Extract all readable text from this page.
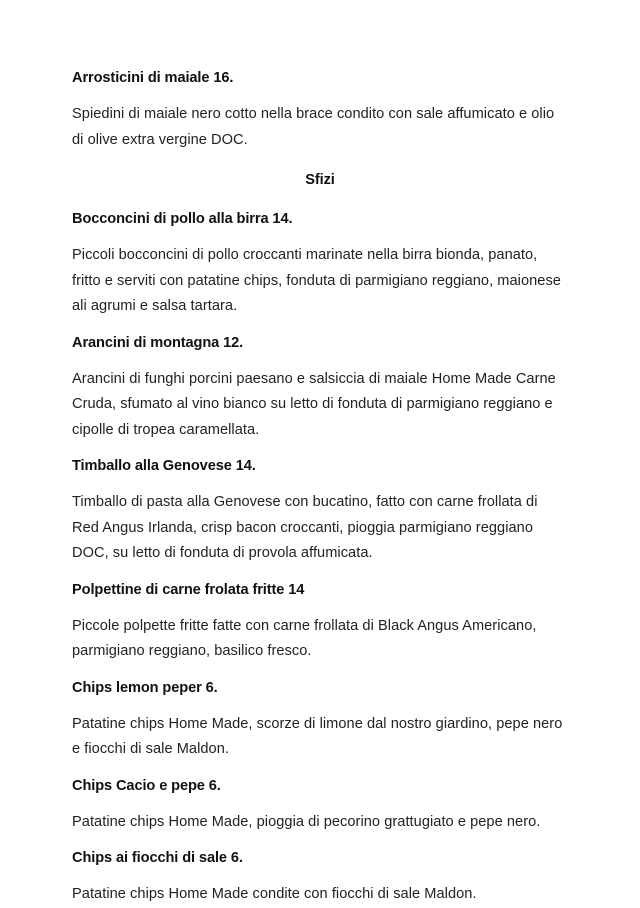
Arrosticini di maiale 16.

Spiedini di maiale nero cotto nella brace condito con sale affumicato e olio di olive extra vergine DOC.

Sfizi

Bocconcini di pollo alla birra 14.

Piccoli bocconcini di pollo croccanti marinate nella birra bionda, panato, fritto e serviti con patatine chips, fonduta di parmigiano reggiano, maionese ali agrumi e salsa tartara.

Arancini di montagna 12.

Arancini di funghi porcini paesano e salsiccia di maiale Home Made Carne Cruda, sfumato al vino bianco su letto di fonduta di parmigiano reggiano e cipolle di tropea caramellata.

Timballo alla Genovese 14.

Timballo di pasta alla Genovese con bucatino, fatto con carne frollata di Red Angus Irlanda, crisp bacon croccanti, pioggia parmigiano reggiano DOC, su letto di fonduta di provola affumicata.

Polpettine di carne frolata fritte 14

Piccole polpette fritte fatte con carne frollata di Black Angus Americano, parmigiano reggiano, basilico fresco.

Chips lemon peper 6.

Patatine chips Home Made, scorze di limone dal nostro giardino, pepe nero e fiocchi di sale Maldon.

Chips Cacio e pepe 6.

Patatine chips Home Made, pioggia di pecorino grattugiato e pepe nero.

Chips ai fiocchi di sale 6.

Patatine chips Home Made condite con fiocchi di sale Maldon.
